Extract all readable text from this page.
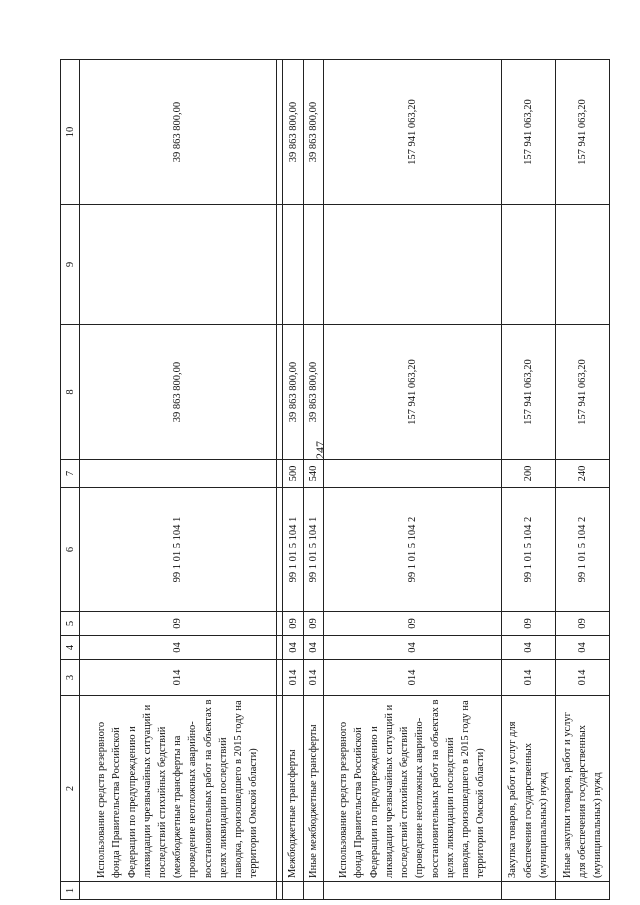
247
1	2	3	4	5	6	7	8	9	10
	Использование средств резервного фонда Правительства Российской Федерации по предупреждению и ликвидации чрезвычайных ситуаций и последствий стихийных бедствий (межбюджетные трансферты на проведение неотложных аварийно-восстановительных работ на объектах в целях ликвидации последствий паводка, произошедшего в 2015 году на территории Омской области)	014	04	09	99 1 01 5 104 1		39 863 800,00		39 863 800,00

	Межбюджетные трансферты	014	04	09	99 1 01 5 104 1	500	39 863 800,00		39 863 800,00
	Иные межбюджетные трансферты	014	04	09	99 1 01 5 104 1	540	39 863 800,00		39 863 800,00
	Использование средств резервного фонда Правительства Российской Федерации по предупреждению и ликвидации чрезвычайных ситуаций и последствий стихийных бедствий (проведение неотложных аварийно-восстановительных работ на объектах в целях ликвидации последствий паводка, произошедшего в 2015 году на территории Омской области)	014	04	09	99 1 01 5 104 2		157 941 063,20		157 941 063,20
	Закупка товаров, работ и услуг для обеспечения государственных (муниципальных) нужд	014	04	09	99 1 01 5 104 2	200	157 941 063,20		157 941 063,20
	Иные закупки товаров, работ и услуг для обеспечения государственных (муниципальных) нужд	014	04	09	99 1 01 5 104 2	240	157 941 063,20		157 941 063,20
